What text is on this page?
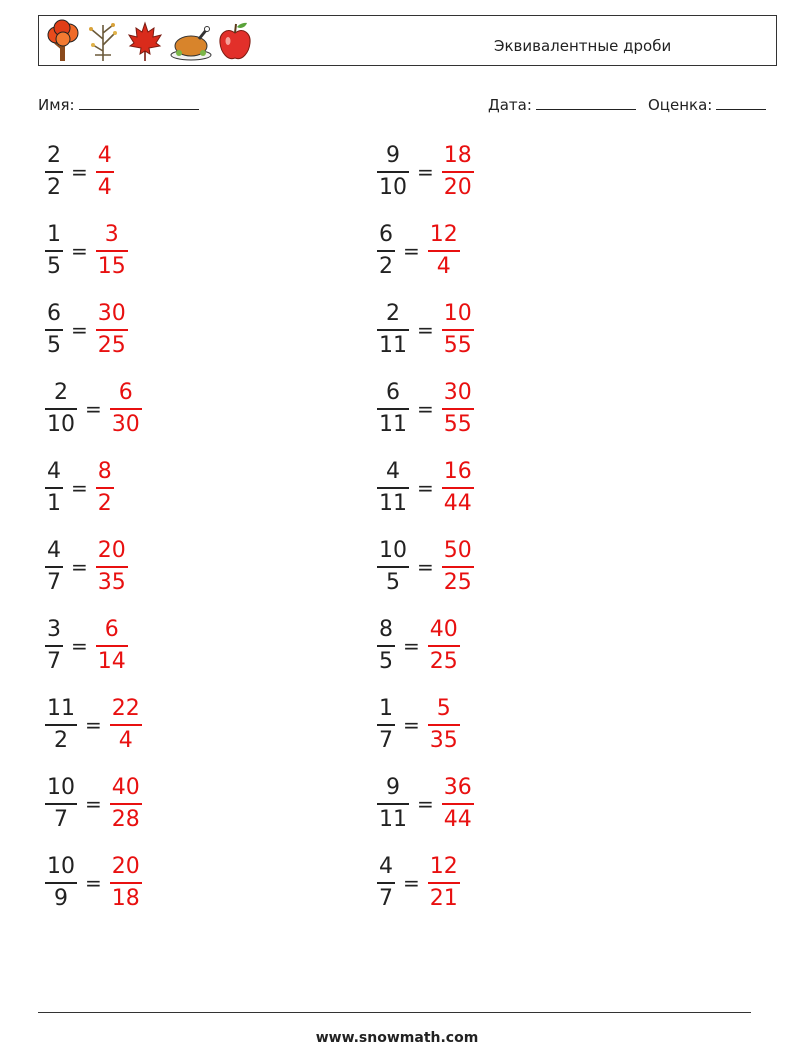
Эквивалентные дроби
Имя:	Дата:	Оценка:
$\frac{2}{2} = \frac{4}{4}$	$\frac{9}{10} = \frac{18}{20}$
$\frac{1}{5} = \frac{3}{15}$	$\frac{6}{2} = \frac{12}{4}$
$\frac{6}{5} = \frac{30}{25}$	$\frac{2}{11} = \frac{10}{55}$
$\frac{2}{10} = \frac{6}{30}$	$\frac{6}{11} = \frac{30}{55}$
$\frac{4}{1} = \frac{8}{2}$	$\frac{4}{11} = \frac{16}{44}$
$\frac{4}{7} = \frac{20}{35}$	$\frac{10}{5} = \frac{50}{25}$
$\frac{3}{7} = \frac{6}{14}$	$\frac{8}{5} = \frac{40}{25}$
$\frac{11}{2} = \frac{22}{4}$	$\frac{1}{7} = \frac{5}{35}$
$\frac{10}{7} = \frac{40}{28}$	$\frac{9}{11} = \frac{36}{44}$
$\frac{10}{9} = \frac{20}{18}$	$\frac{4}{7} = \frac{12}{21}$
www.snowmath.com
